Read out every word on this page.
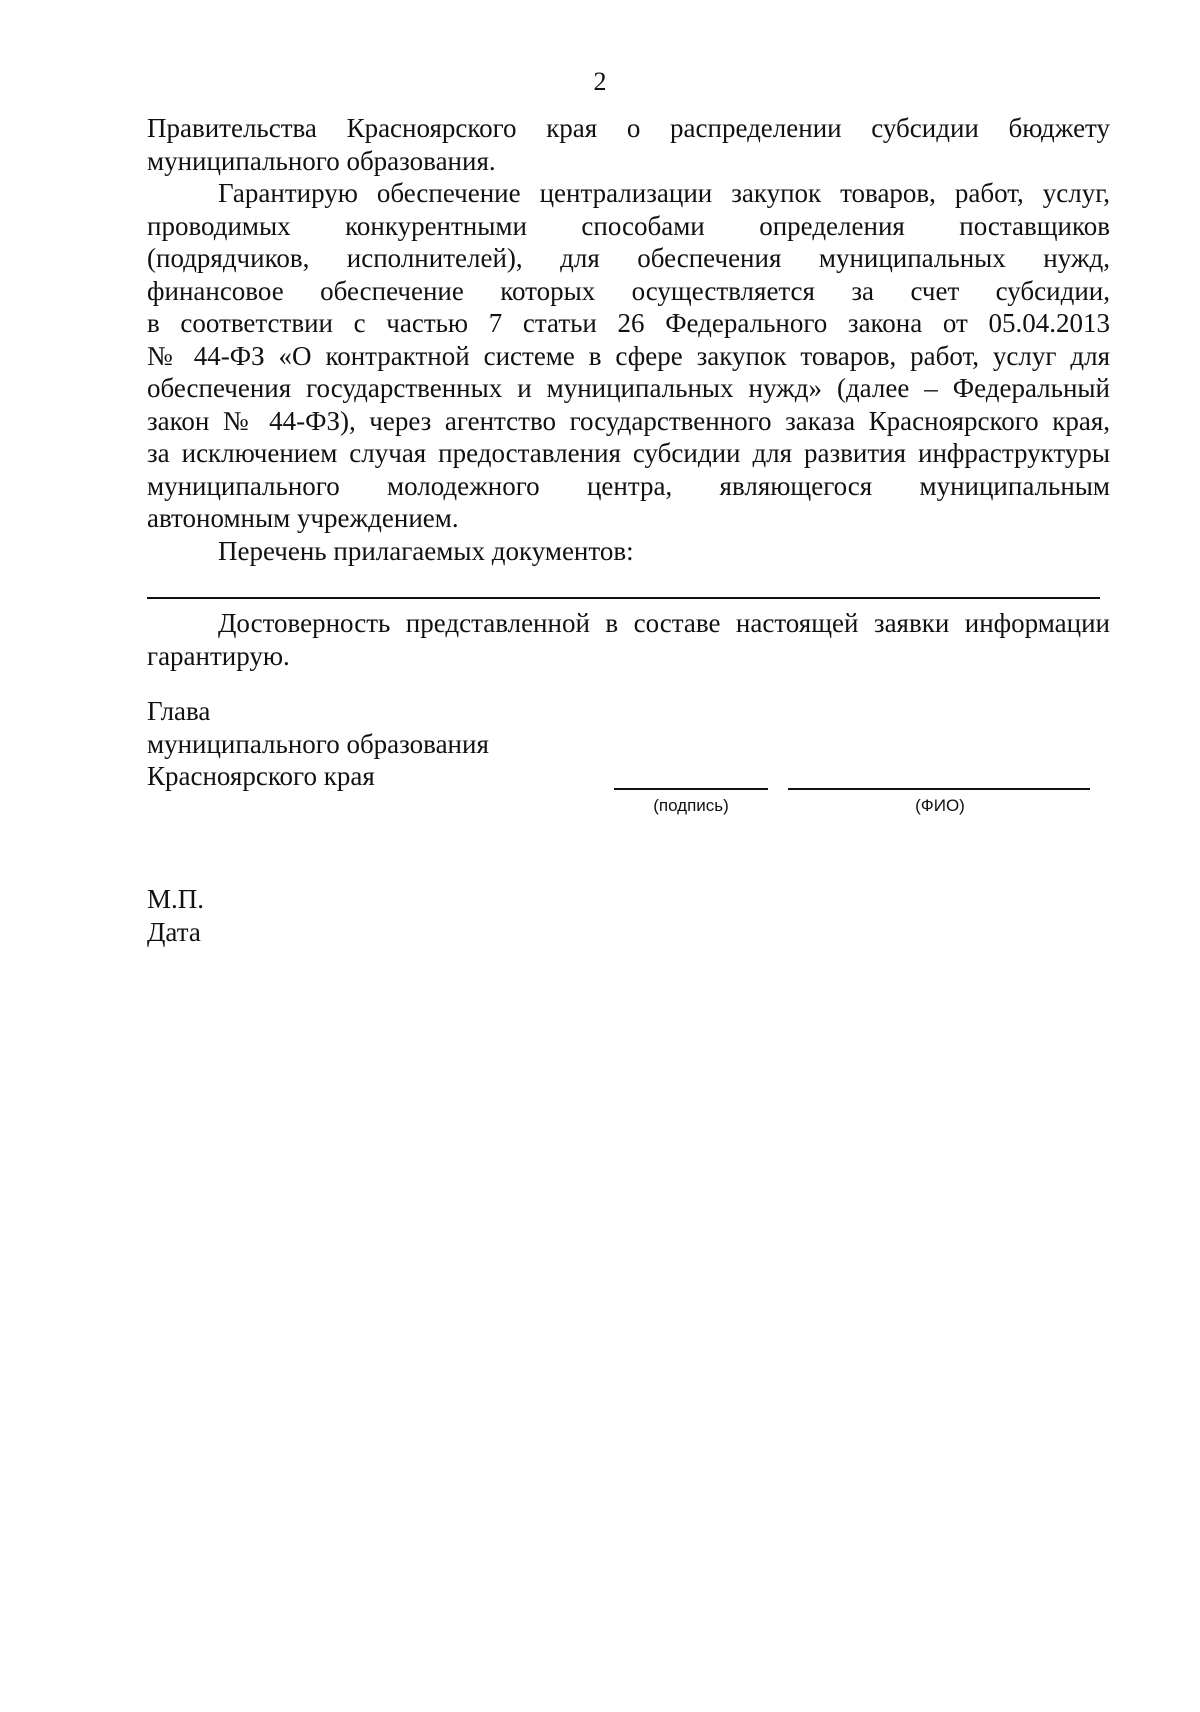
2
Правительства Красноярского края о распределении субсидии бюджету
муниципального образования.
Гарантирую обеспечение централизации закупок товаров, работ, услуг,
проводимых конкурентными способами определения поставщиков
(подрядчиков, исполнителей), для обеспечения муниципальных нужд,
финансовое обеспечение которых осуществляется за счет субсидии,
в соответствии с частью 7 статьи 26 Федерального закона от 05.04.2013
№ 44-ФЗ «О контрактной системе в сфере закупок товаров, работ, услуг для
обеспечения государственных и муниципальных нужд» (далее – Федеральный
закон № 44-ФЗ), через агентство государственного заказа Красноярского края,
за исключением случая предоставления субсидии для развития инфраструктуры
муниципального молодежного центра, являющегося муниципальным
автономным учреждением.
Перечень прилагаемых документов:
Достоверность представленной в составе настоящей заявки информации
гарантирую.
Глава
муниципального образования
Красноярского края
(подпись)	(ФИО)
М.П.
Дата
